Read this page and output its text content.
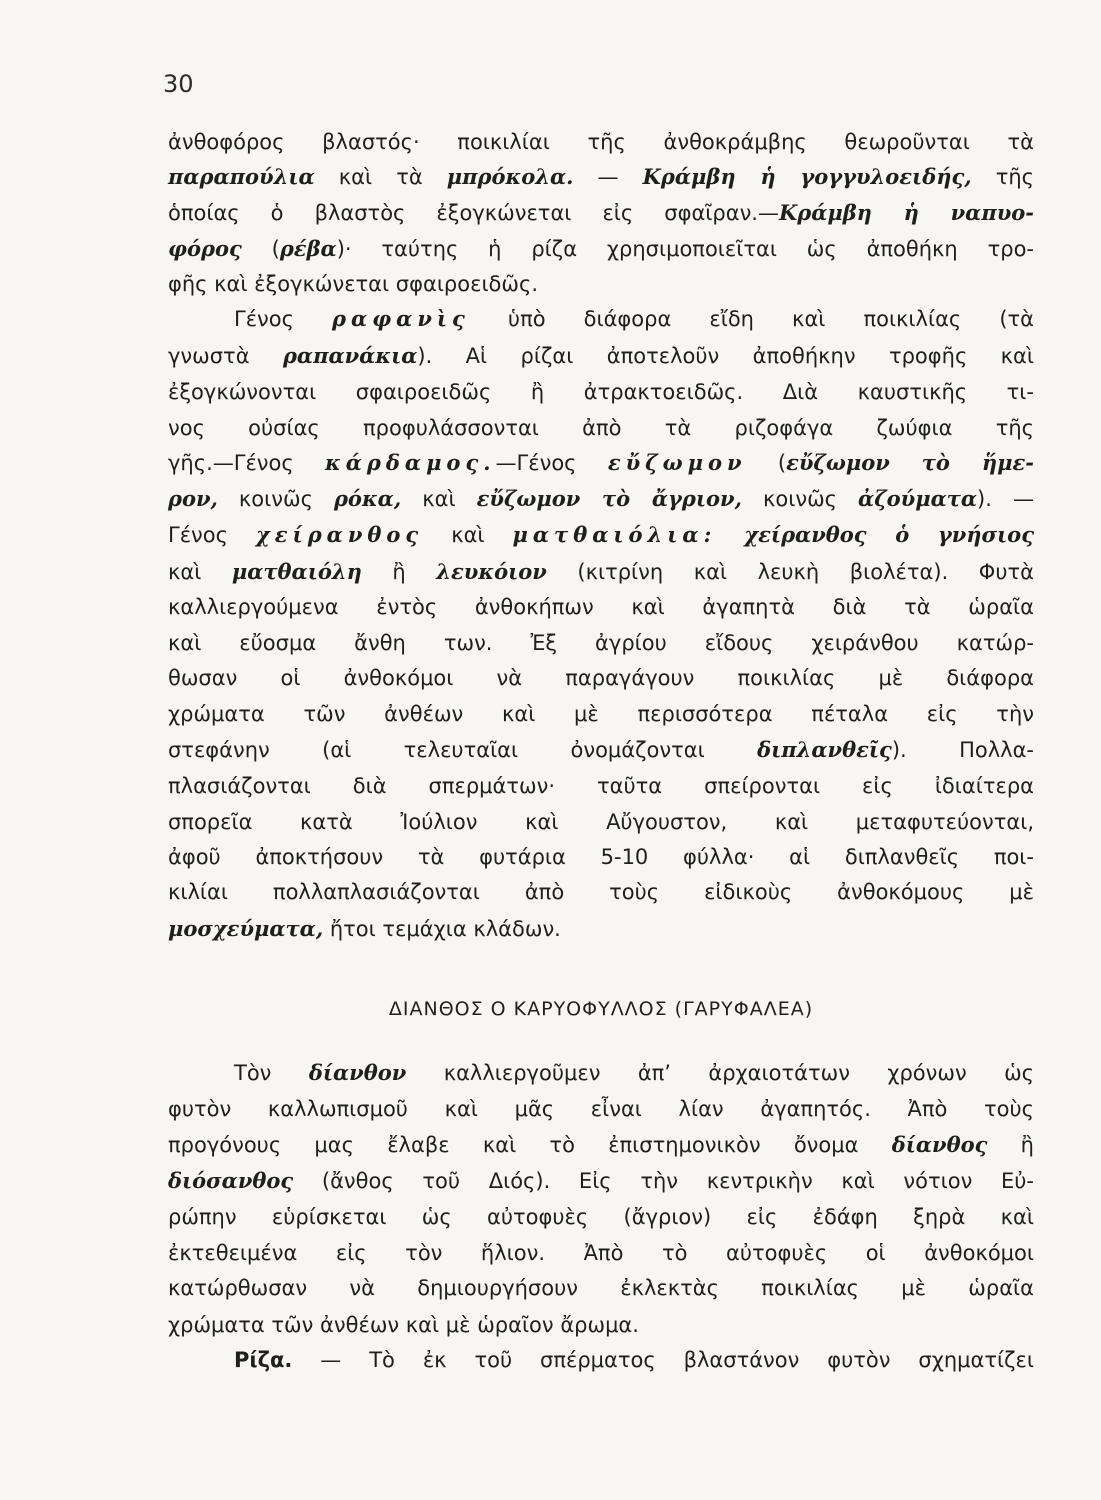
30
ἀνθοφόρος βλαστός· ποικιλίαι τῆς ἀνθοκράμβης θεωροῦνται τὰ
παραπούλια καὶ τὰ μπρόκολα. — Κράμβη ἡ γογγυλοειδής, τῆς
ὁποίας ὁ βλαστὸς ἐξογκώνεται εἰς σφαῖραν.—Κράμβη ἡ ναπυο-
φόρος (ρέβα)· ταύτης ἡ ρίζα χρησιμοποιεῖται ὡς ἀποθήκη τρο-
φῆς καὶ ἐξογκώνεται σφαιροειδῶς.
Γένος ραφανὶς ὑπὸ διάφορα εἴδη καὶ ποικιλίας (τὰ
γνωστὰ ραπανάκια). Αἱ ρίζαι ἀποτελοῦν ἀποθήκην τροφῆς καὶ
ἐξογκώνονται σφαιροειδῶς ἢ ἀτρακτοειδῶς. Διὰ καυστικῆς τι-
νος οὐσίας προφυλάσσονται ἀπὸ τὰ ριζοφάγα ζωύφια τῆς
γῆς.—Γένος κάρδαμος.—Γένος εὔζωμον (εὔζωμον τὸ ἥμε-
ρον, κοινῶς ρόκα, καὶ εὔζωμον τὸ ἄγριον, κοινῶς ἀζούματα). —
Γένος χείρανθος καὶ ματθαιόλια: χείρανθος ὁ γνήσιος
καὶ ματθαιόλη ἢ λευκόιον (κιτρίνη καὶ λευκὴ βιολέτα). Φυτὰ
καλλιεργούμενα ἐντὸς ἀνθοκήπων καὶ ἀγαπητὰ διὰ τὰ ὡραῖα
καὶ εὔοσμα ἄνθη των. Ἐξ ἀγρίου εἴδους χειράνθου κατώρ-
θωσαν οἱ ἀνθοκόμοι νὰ παραγάγουν ποικιλίας μὲ διάφορα
χρώματα τῶν ἀνθέων καὶ μὲ περισσότερα πέταλα εἰς τὴν
στεφάνην (αἱ τελευταῖαι ὀνομάζονται διπλανθεῖς). Πολλα-
πλασιάζονται διὰ σπερμάτων· ταῦτα σπείρονται εἰς ἰδιαίτερα
σπορεῖα κατὰ Ἰούλιον καὶ Αὔγουστον, καὶ μεταφυτεύονται,
ἀφοῦ ἀποκτήσουν τὰ φυτάρια 5-10 φύλλα· αἱ διπλανθεῖς ποι-
κιλίαι πολλαπλασιάζονται ἀπὸ τοὺς εἰδικοὺς ἀνθοκόμους μὲ
μοσχεύματα, ἤτοι τεμάχια κλάδων.
ΔΙΑΝΘΟΣ Ο ΚΑΡΥΟΦΥΛΛΟΣ (ΓΑΡΥΦΑΛΕΑ)
Τὸν δίανθον καλλιεργοῦμεν ἀπ’ ἀρχαιοτάτων χρόνων ὡς
φυτὸν καλλωπισμοῦ καὶ μᾶς εἶναι λίαν ἀγαπητός. Ἀπὸ τοὺς
προγόνους μας ἔλαβε καὶ τὸ ἐπιστημονικὸν ὄνομα δίανθος ἢ
διόσανθος (ἄνθος τοῦ Διός). Εἰς τὴν κεντρικὴν καὶ νότιον Εὐ-
ρώπην εὑρίσκεται ὡς αὐτοφυὲς (ἄγριον) εἰς ἐδάφη ξηρὰ καὶ
ἐκτεθειμένα εἰς τὸν ἥλιον. Ἀπὸ τὸ αὐτοφυὲς οἱ ἀνθοκόμοι
κατώρθωσαν νὰ δημιουργήσουν ἐκλεκτὰς ποικιλίας μὲ ὡραῖα
χρώματα τῶν ἀνθέων καὶ μὲ ὡραῖον ἄρωμα.
Ρίζα. — Τὸ ἐκ τοῦ σπέρματος βλαστάνον φυτὸν σχηματίζει
